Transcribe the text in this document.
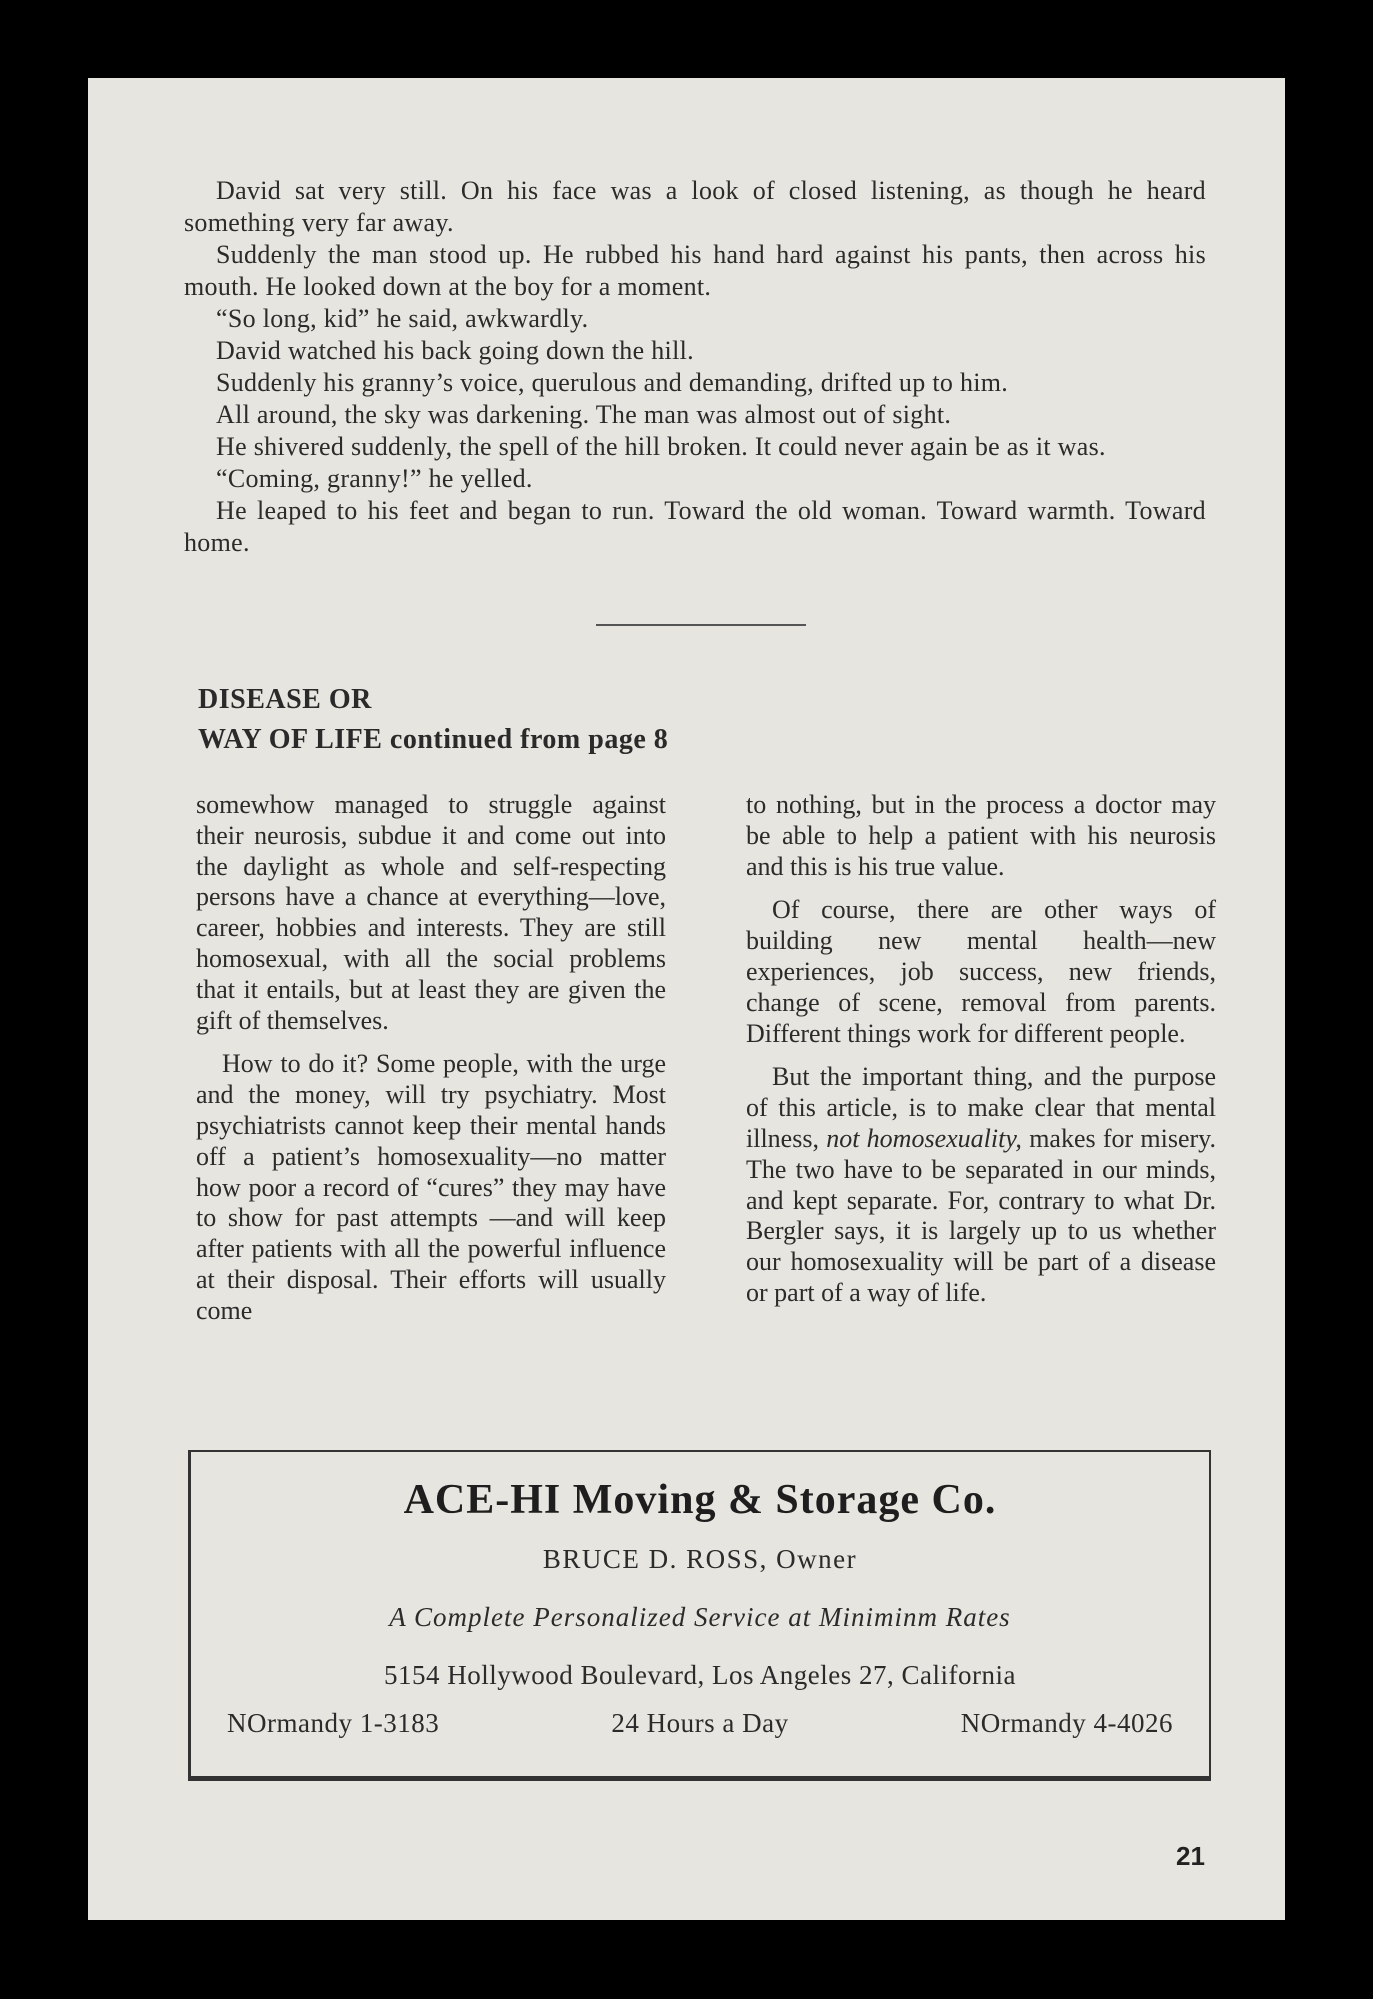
David sat very still. On his face was a look of closed listening, as though he heard something very far away.

Suddenly the man stood up. He rubbed his hand hard against his pants, then across his mouth. He looked down at the boy for a moment.

“So long, kid” he said, awkwardly.

David watched his back going down the hill.

Suddenly his granny’s voice, querulous and demanding, drifted up to him.

All around, the sky was darkening. The man was almost out of sight.

He shivered suddenly, the spell of the hill broken. It could never again be as it was.

“Coming, granny!” he yelled.

He leaped to his feet and began to run. Toward the old woman. Toward warmth. Toward home.

DISEASE OR
WAY OF LIFE continued from page 8

somewhow managed to struggle against their neurosis, subdue it and come out into the daylight as whole and self-respecting persons have a chance at everything—love, career, hobbies and interests. They are still homosexual, with all the social problems that it entails, but at least they are given the gift of themselves.

How to do it? Some people, with the urge and the money, will try psychiatry. Most psychiatrists cannot keep their mental hands off a patient’s homosexuality—no matter how poor a record of “cures” they may have to show for past attempts —and will keep after patients with all the powerful influence at their disposal. Their efforts will usually come

to nothing, but in the process a doctor may be able to help a patient with his neurosis and this is his true value.

Of course, there are other ways of building new mental health—new experiences, job success, new friends, change of scene, removal from parents. Different things work for different people.

But the important thing, and the purpose of this article, is to make clear that mental illness, not homosexuality, makes for misery. The two have to be separated in our minds, and kept separate. For, contrary to what Dr. Bergler says, it is largely up to us whether our homosexuality will be part of a disease or part of a way of life.

ACE-HI Moving & Storage Co.
BRUCE D. ROSS, Owner
A Complete Personalized Service at Miniminm Rates
5154 Hollywood Boulevard, Los Angeles 27, California
NOrmandy 1-3183	24 Hours a Day	NOrmandy 4-4026
21
